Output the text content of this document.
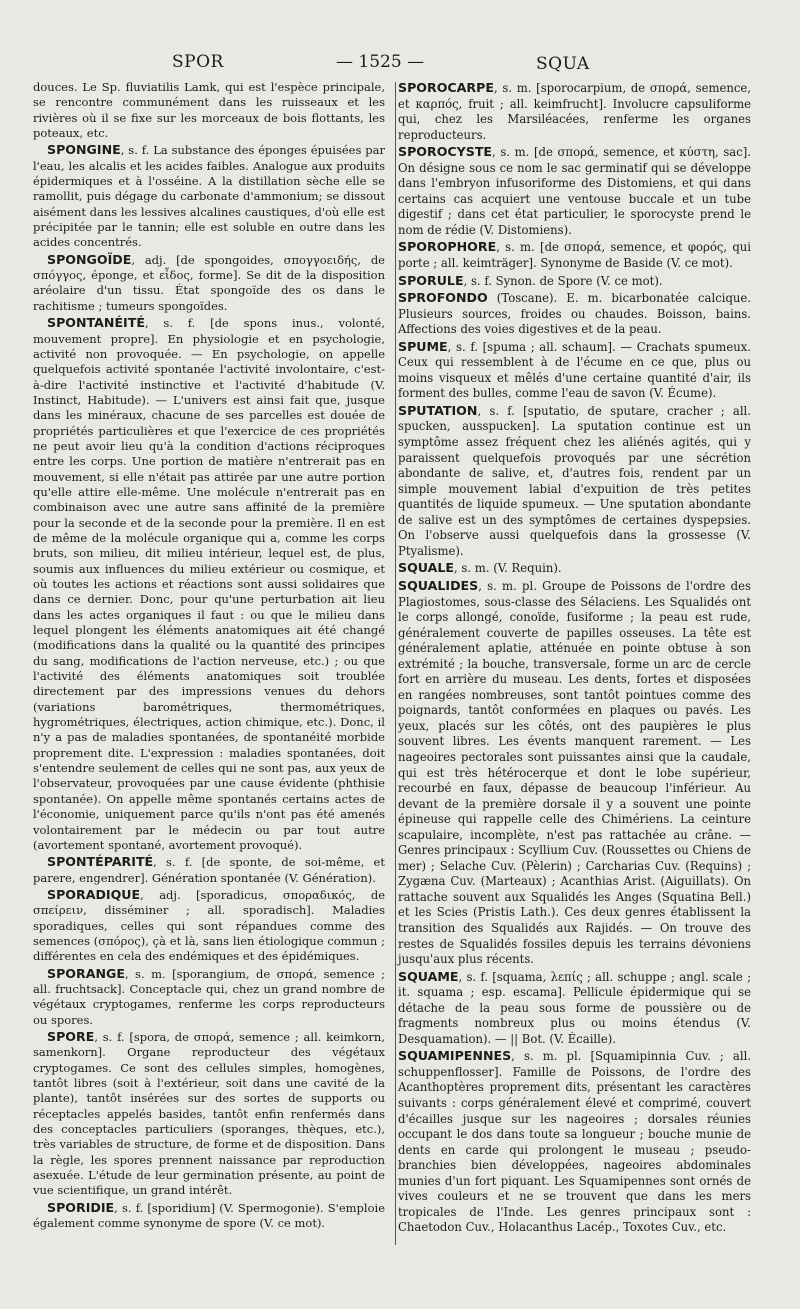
SPOR	— 1525 —	SQUA

douces. Le Sp. fluviatilis Lamk, qui est l'espèce principale, se rencontre communément dans les ruisseaux et les rivières où il se fixe sur les morceaux de bois flottants, les poteaux, etc.

SPONGINE, s. f. La substance des éponges épuisées par l'eau, les alcalis et les acides faibles. Analogue aux produits épidermiques et à l'osséine. A la distillation sèche elle se ramollit, puis dégage du carbonate d'ammonium; se dissout aisément dans les lessives alcalines caustiques, d'où elle est précipitée par le tannin; elle est soluble en outre dans les acides concentrés.

SPONGOÏDE, adj. [de spongoides, σπογγοειδής, de σπόγγος, éponge, et εἶδος, forme]. Se dit de la disposition aréolaire d'un tissu. État spongoïde des os dans le rachitisme ; tumeurs spongoïdes.

SPONTANÉITÉ, s. f. [de spons inus., volonté, mouvement propre]. En physiologie et en psychologie, activité non provoquée. — En psychologie, on appelle quelquefois activité spontanée l'activité involontaire, c'est-à-dire l'activité instinctive et l'activité d'habitude (V. Instinct, Habitude). — L'univers est ainsi fait que, jusque dans les minéraux, chacune de ses parcelles est douée de propriétés particulières et que l'exercice de ces propriétés ne peut avoir lieu qu'à la condition d'actions réciproques entre les corps. Une portion de matière n'entrerait pas en mouvement, si elle n'était pas attirée par une autre portion qu'elle attire elle-même. Une molécule n'entrerait pas en combinaison avec une autre sans affinité de la première pour la seconde et de la seconde pour la première. Il en est de même de la molécule organique qui a, comme les corps bruts, son milieu, dit milieu intérieur, lequel est, de plus, soumis aux influences du milieu extérieur ou cosmique, et où toutes les actions et réactions sont aussi solidaires que dans ce dernier. Donc, pour qu'une perturbation ait lieu dans les actes organiques il faut : ou que le milieu dans lequel plongent les éléments anatomiques ait été changé (modifications dans la qualité ou la quantité des principes du sang, modifications de l'action nerveuse, etc.) ; ou que l'activité des éléments anatomiques soit troublée directement par des impressions venues du dehors (variations barométriques, thermométriques, hygrométriques, électriques, action chimique, etc.). Donc, il n'y a pas de maladies spontanées, de spontanéité morbide proprement dite. L'expression : maladies spontanées, doit s'entendre seulement de celles qui ne sont pas, aux yeux de l'observateur, provoquées par une cause évidente (phthisie spontanée). On appelle même spontanés certains actes de l'économie, uniquement parce qu'ils n'ont pas été amenés volontairement par le médecin ou par tout autre (avortement spontané, avortement provoqué).

SPONTÉPARITÉ, s. f. [de sponte, de soi-même, et parere, engendrer]. Génération spontanée (V. Génération).

SPORADIQUE, adj. [sporadicus, σποραδικός, de σπείρειν, disséminer ; all. sporadisch]. Maladies sporadiques, celles qui sont répandues comme des semences (σπόρος), çà et là, sans lien étiologique commun ; différentes en cela des endémiques et des épidémiques.

SPORANGE, s. m. [sporangium, de σπορά, semence ; all. fruchtsack]. Conceptacle qui, chez un grand nombre de végétaux cryptogames, renferme les corps reproducteurs ou spores.

SPORE, s. f. [spora, de σπορά, semence ; all. keimkorn, samenkorn]. Organe reproducteur des végétaux cryptogames. Ce sont des cellules simples, homogènes, tantôt libres (soit à l'extérieur, soit dans une cavité de la plante), tantôt insérées sur des sortes de supports ou réceptacles appelés basides, tantôt enfin renfermés dans des conceptacles particuliers (sporanges, thèques, etc.), très variables de structure, de forme et de disposition. Dans la règle, les spores prennent naissance par reproduction asexuée. L'étude de leur germination présente, au point de vue scientifique, un grand intérêt.

SPORIDIE, s. f. [sporidium] (V. Spermogonie). S'emploie également comme synonyme de spore (V. ce mot).

SPOROCARPE, s. m. [sporocarpium, de σπορά, semence, et καρπός, fruit ; all. keimfrucht]. Involucre capsuliforme qui, chez les Marsiléacées, renferme les organes reproducteurs.

SPOROCYSTE, s. m. [de σπορά, semence, et κύστη, sac]. On désigne sous ce nom le sac germinatif qui se développe dans l'embryon infusoriforme des Distomiens, et qui dans certains cas acquiert une ventouse buccale et un tube digestif ; dans cet état particulier, le sporocyste prend le nom de rédie (V. Distomiens).

SPOROPHORE, s. m. [de σπορά, semence, et φορός, qui porte ; all. keimträger]. Synonyme de Baside (V. ce mot).

SPORULE, s. f. Synon. de Spore (V. ce mot).

SPROFONDO (Toscane). E. m. bicarbonatée calcique. Plusieurs sources, froides ou chaudes. Boisson, bains. Affections des voies digestives et de la peau.

SPUME, s. f. [spuma ; all. schaum]. — Crachats spumeux. Ceux qui ressemblent à de l'écume en ce que, plus ou moins visqueux et mêlés d'une certaine quantité d'air, ils forment des bulles, comme l'eau de savon (V. Écume).

SPUTATION, s. f. [sputatio, de sputare, cracher ; all. spucken, ausspucken]. La sputation continue est un symptôme assez fréquent chez les aliénés agités, qui y paraissent quelquefois provoqués par une sécrétion abondante de salive, et, d'autres fois, rendent par un simple mouvement labial d'expuition de très petites quantités de liquide spumeux. — Une sputation abondante de salive est un des symptômes de certaines dyspepsies. On l'observe aussi quelquefois dans la grossesse (V. Ptyalisme).

SQUALE, s. m. (V. Requin).

SQUALIDES, s. m. pl. Groupe de Poissons de l'ordre des Plagiostomes, sous-classe des Sélaciens. Les Squalidés ont le corps allongé, conoïde, fusiforme ; la peau est rude, généralement couverte de papilles osseuses. La tête est généralement aplatie, atténuée en pointe obtuse à son extrémité ; la bouche, transversale, forme un arc de cercle fort en arrière du museau. Les dents, fortes et disposées en rangées nombreuses, sont tantôt pointues comme des poignards, tantôt conformées en plaques ou pavés. Les yeux, placés sur les côtés, ont des paupières le plus souvent libres. Les évents manquent rarement. — Les nageoires pectorales sont puissantes ainsi que la caudale, qui est très hétérocerque et dont le lobe supérieur, recourbé en faux, dépasse de beaucoup l'inférieur. Au devant de la première dorsale il y a souvent une pointe épineuse qui rappelle celle des Chimériens. La ceinture scapulaire, incomplète, n'est pas rattachée au crâne. — Genres principaux : Scyllium Cuv. (Roussettes ou Chiens de mer) ; Selache Cuv. (Pèlerin) ; Carcharias Cuv. (Requins) ; Zygæna Cuv. (Marteaux) ; Acanthias Arist. (Aiguillats). On rattache souvent aux Squalidés les Anges (Squatina Bell.) et les Scies (Pristis Lath.). Ces deux genres établissent la transition des Squalidés aux Rajidés. — On trouve des restes de Squalidés fossiles depuis les terrains dévoniens jusqu'aux plus récents.

SQUAME, s. f. [squama, λεπίς ; all. schuppe ; angl. scale ; it. squama ; esp. escama]. Pellicule épidermique qui se détache de la peau sous forme de poussière ou de fragments nombreux plus ou moins étendus (V. Desquamation). — || Bot. (V. Écaille).

SQUAMIPENNES, s. m. pl. [Squamipinnia Cuv. ; all. schuppenflosser]. Famille de Poissons, de l'ordre des Acanthoptères proprement dits, présentant les caractères suivants : corps généralement élevé et comprimé, couvert d'écailles jusque sur les nageoires ; dorsales réunies occupant le dos dans toute sa longueur ; bouche munie de dents en carde qui prolongent le museau ; pseudo-branchies bien développées, nageoires abdominales munies d'un fort piquant. Les Squamipennes sont ornés de vives couleurs et ne se trouvent que dans les mers tropicales de l'Inde. Les genres principaux sont : Chaetodon Cuv., Holacanthus Lacép., Toxotes Cuv., etc.
